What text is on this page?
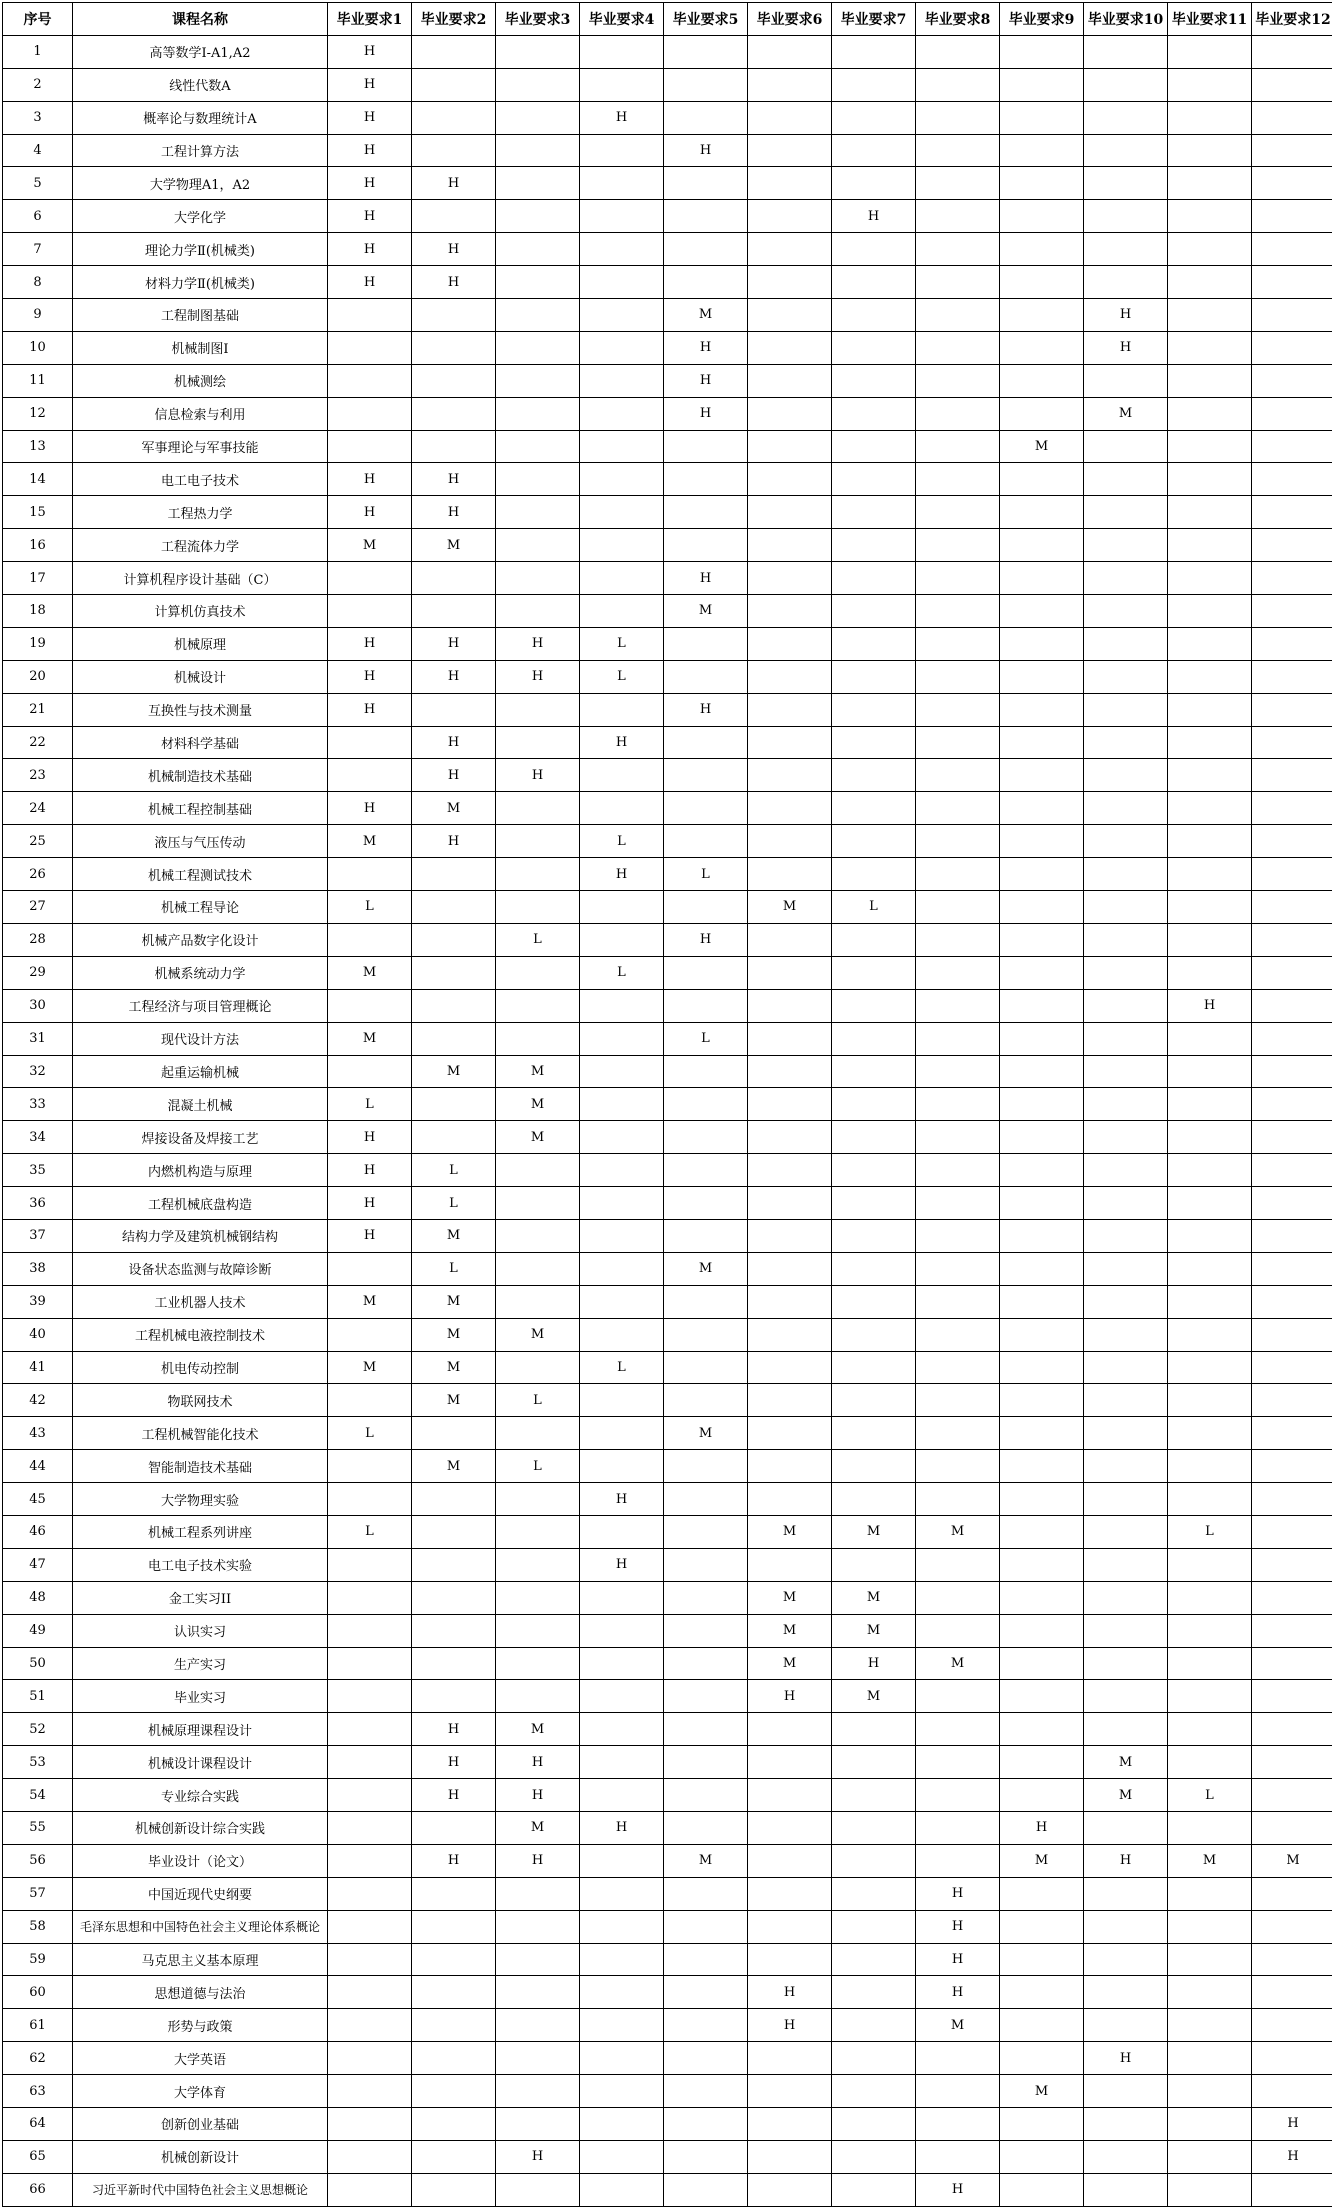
序号	课程名称	毕业要求1	毕业要求2	毕业要求3	毕业要求4	毕业要求5	毕业要求6	毕业要求7	毕业要求8	毕业要求9	毕业要求10	毕业要求11	毕业要求12
1	高等数学I-A1,A2	H											
2	线性代数A	H											
3	概率论与数理统计A	H			H								
4	工程计算方法	H				H							
5	大学物理A1，A2	H	H										
6	大学化学	H						H					
7	理论力学Ⅱ(机械类)	H	H										
8	材料力学Ⅱ(机械类)	H	H										
9	工程制图基础					M					H		
10	机械制图Ⅰ					H					H		
11	机械测绘					H							
12	信息检索与利用					H					M		
13	军事理论与军事技能									M			
14	电工电子技术	H	H										
15	工程热力学	H	H										
16	工程流体力学	M	M										
17	计算机程序设计基础（C）					H							
18	计算机仿真技术					M							
19	机械原理	H	H	H	L								
20	机械设计	H	H	H	L								
21	互换性与技术测量	H				H							
22	材料科学基础		H		H								
23	机械制造技术基础		H	H									
24	机械工程控制基础	H	M										
25	液压与气压传动	M	H		L								
26	机械工程测试技术				H	L							
27	机械工程导论	L					M	L					
28	机械产品数字化设计			L		H							
29	机械系统动力学	M			L								
30	工程经济与项目管理概论											H	
31	现代设计方法	M				L							
32	起重运输机械		M	M									
33	混凝土机械	L		M									
34	焊接设备及焊接工艺	H		M									
35	内燃机构造与原理	H	L										
36	工程机械底盘构造	H	L										
37	结构力学及建筑机械钢结构	H	M										
38	设备状态监测与故障诊断		L			M							
39	工业机器人技术	M	M										
40	工程机械电液控制技术		M	M									
41	机电传动控制	M	M		L								
42	物联网技术		M	L									
43	工程机械智能化技术	L				M							
44	智能制造技术基础		M	L									
45	大学物理实验				H								
46	机械工程系列讲座	L					M	M	M			L	
47	电工电子技术实验				H								
48	金工实习II						M	M					
49	认识实习						M	M					
50	生产实习						M	H	M				
51	毕业实习						H	M					
52	机械原理课程设计		H	M									
53	机械设计课程设计		H	H							M		
54	专业综合实践		H	H							M	L	
55	机械创新设计综合实践			M	H					H			
56	毕业设计（论文）		H	H		M				M	H	M	M
57	中国近现代史纲要								H				
58	毛泽东思想和中国特色社会主义理论体系概论								H				
59	马克思主义基本原理								H				
60	思想道德与法治						H		H				
61	形势与政策						H		M				
62	大学英语										H		
63	大学体育									M			
64	创新创业基础												H
65	机械创新设计			H									H
66	习近平新时代中国特色社会主义思想概论								H				
